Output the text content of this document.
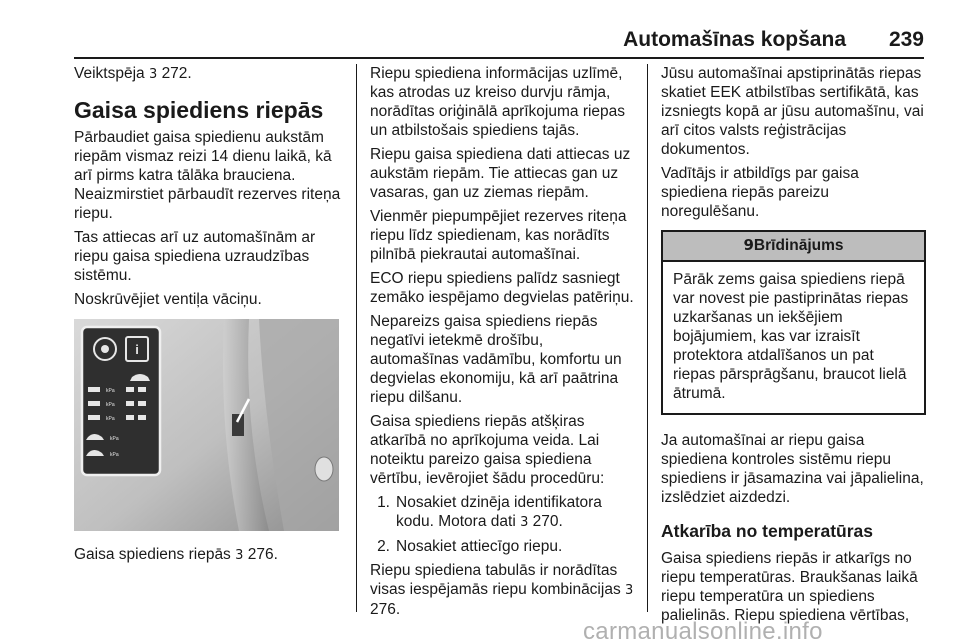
Automašīnas kopšana 239

Veiktspēja 3 272.

Gaisa spiediens riepās

Pārbaudiet gaisa spiedienu aukstām riepām vismaz reizi 14 dienu laikā, kā arī pirms katra tālāka brauciena. Neaizmirstiet pārbaudīt rezerves riteņa riepu.

Tas attiecas arī uz automašīnām ar riepu gaisa spiediena uzraudzības sistēmu.

Noskrūvējiet ventiļa vāciņu.

i
kPa
kPa
kPa
kPa
kPa

Gaisa spiediens riepās 3 276.

Riepu spiediena informācijas uzlīmē, kas atrodas uz kreiso durvju rāmja, norādītas oriģinālā aprīkojuma riepas un atbilstošais spiediens tajās.

Riepu gaisa spiediena dati attiecas uz aukstām riepām. Tie attiecas gan uz vasaras, gan uz ziemas riepām.

Vienmēr piepumpējiet rezerves riteņa riepu līdz spiedienam, kas norādīts pilnībā piekrautai automašīnai.

ECO riepu spiediens palīdz sasniegt zemāko iespējamo degvielas patēriņu.

Nepareizs gaisa spiediens riepās negatīvi ietekmē drošību, automašīnas vadāmību, komfortu un degvielas ekonomiju, kā arī paātrina riepu dilšanu.

Gaisa spiediens riepās atšķiras atkarībā no aprīkojuma veida. Lai noteiktu pareizo gaisa spiediena vērtību, ievērojiet šādu procedūru:

1. Nosakiet dzinēja identifikatora kodu. Motora dati 3 270.
2. Nosakiet attiecīgo riepu.

Riepu spiediena tabulās ir norādītas visas iespējamās riepu kombinācijas 3 276.

Jūsu automašīnai apstiprinātās riepas skatiet EEK atbilstības sertifikātā, kas izsniegts kopā ar jūsu automašīnu, vai arī citos valsts reģistrācijas dokumentos.

Vadītājs ir atbildīgs par gaisa spiediena riepās pareizu noregulēšanu.

9Brīdinājums
Pārāk zems gaisa spiediens riepā var novest pie pastiprinātas riepas uzkaršanas un iekšējiem bojājumiem, kas var izraisīt protektora atdalīšanos un pat riepas pārsprāgšanu, braucot lielā ātrumā.

Ja automašīnai ar riepu gaisa spiediena kontroles sistēmu riepu spiediens ir jāsamazina vai jāpalielina, izslēdziet aizdedzi.

Atkarība no temperatūras

Gaisa spiediens riepās ir atkarīgs no riepu temperatūras. Braukšanas laikā riepu temperatūra un spiediens palielinās. Riepu spiediena vērtības,

carmanualsonline.info
